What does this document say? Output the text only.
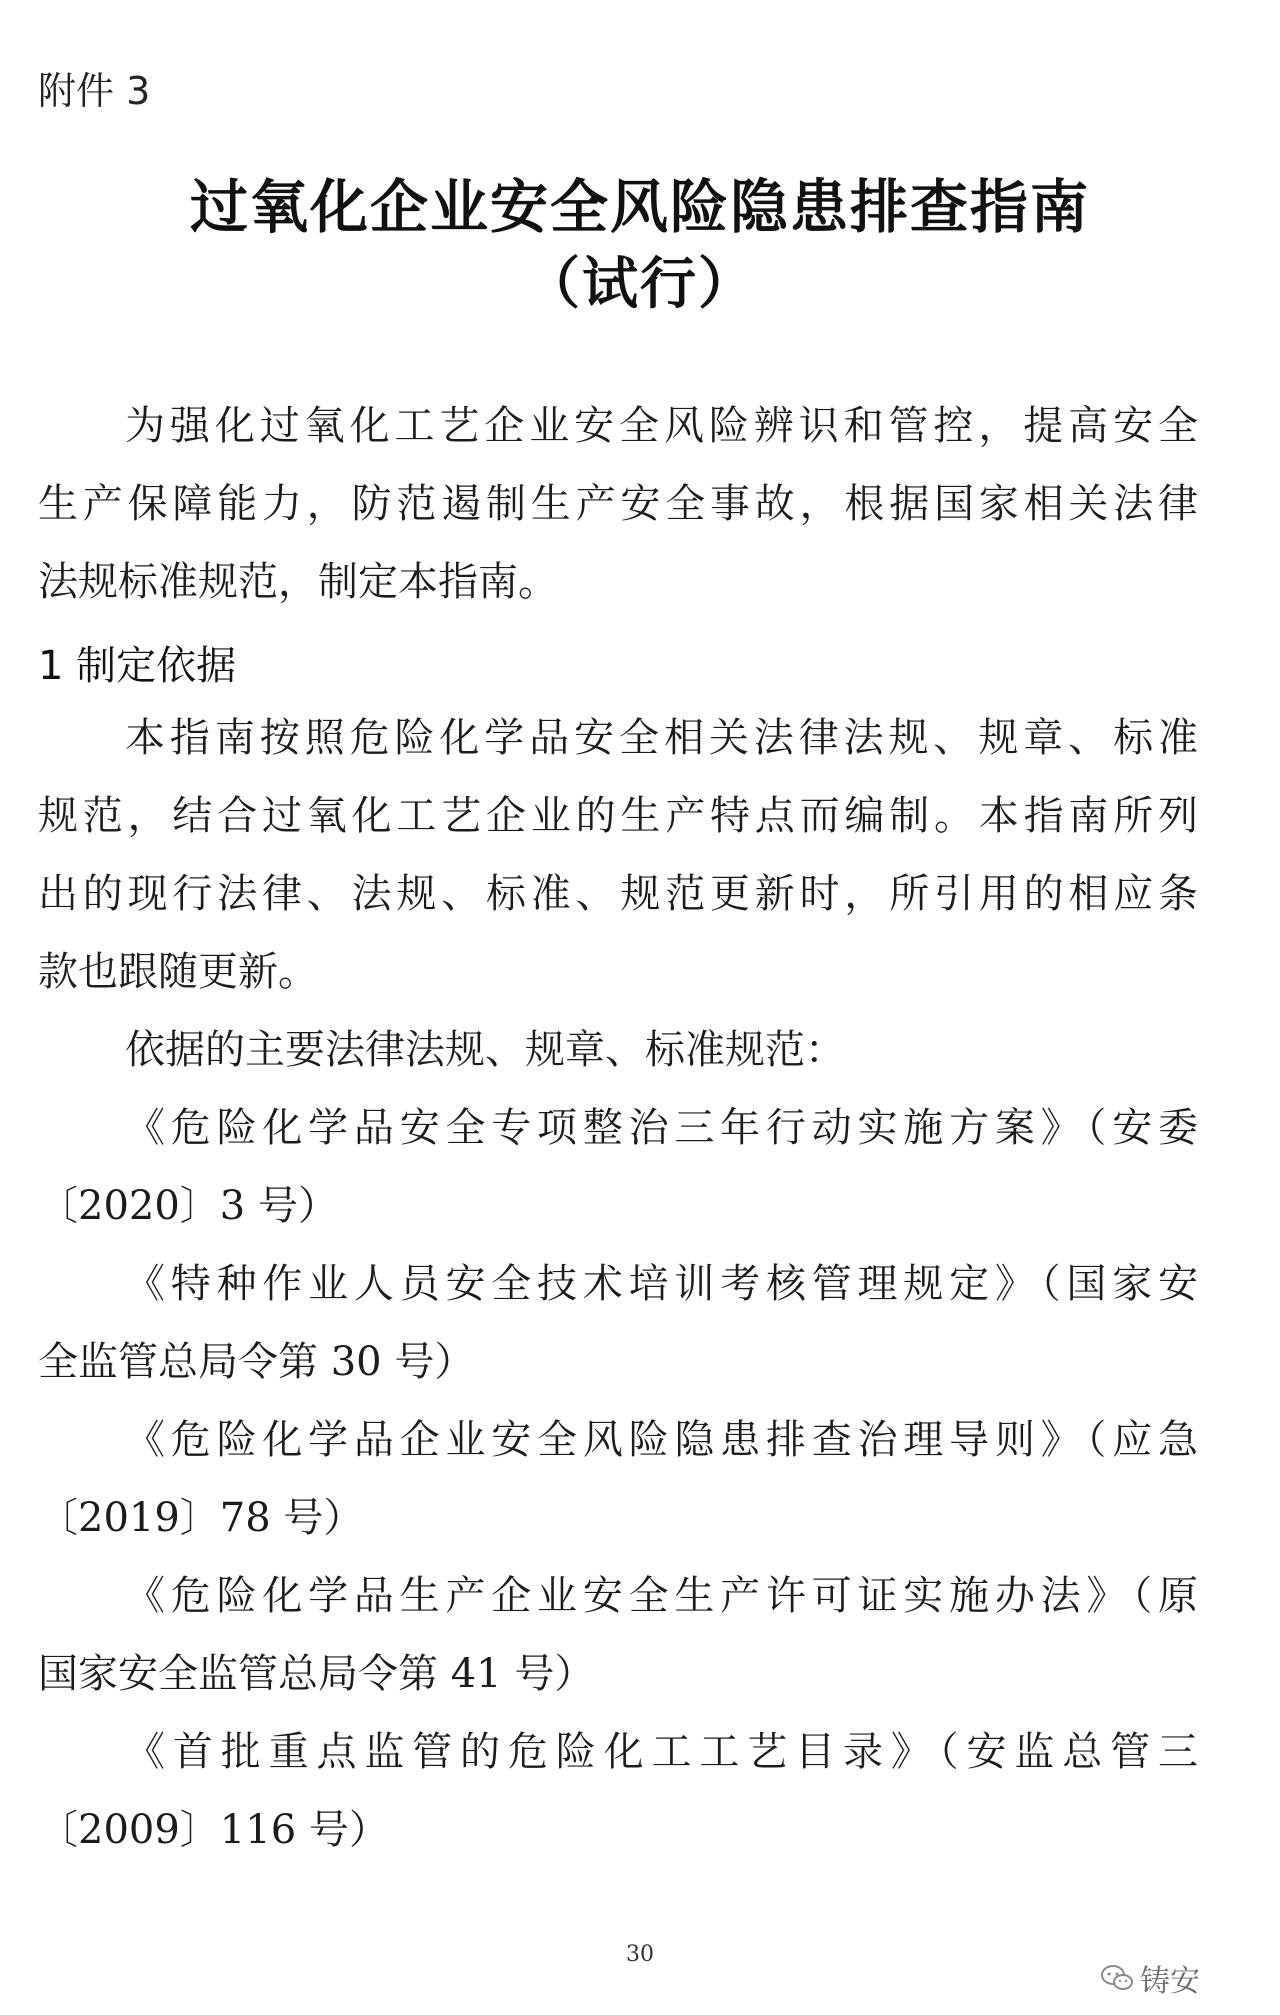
附件 3
过氧化企业安全风险隐患排查指南
（试行）
为强化过氧化工艺企业安全风险辨识和管控，提高安全
生产保障能力，防范遏制生产安全事故，根据国家相关法律
法规标准规范，制定本指南。
1 制定依据
本指南按照危险化学品安全相关法律法规、规章、标准
规范，结合过氧化工艺企业的生产特点而编制。本指南所列
出的现行法律、法规、标准、规范更新时，所引用的相应条
款也跟随更新。
依据的主要法律法规、规章、标准规范：
《危险化学品安全专项整治三年行动实施方案》（安委
〔2020〕3 号）
《特种作业人员安全技术培训考核管理规定》（国家安
全监管总局令第 30 号）
《危险化学品企业安全风险隐患排查治理导则》（应急
〔2019〕78 号）
《危险化学品生产企业安全生产许可证实施办法》（原
国家安全监管总局令第 41 号）
《首批重点监管的危险化工工艺目录》（安监总管三
〔2009〕116 号）
30
铸安
